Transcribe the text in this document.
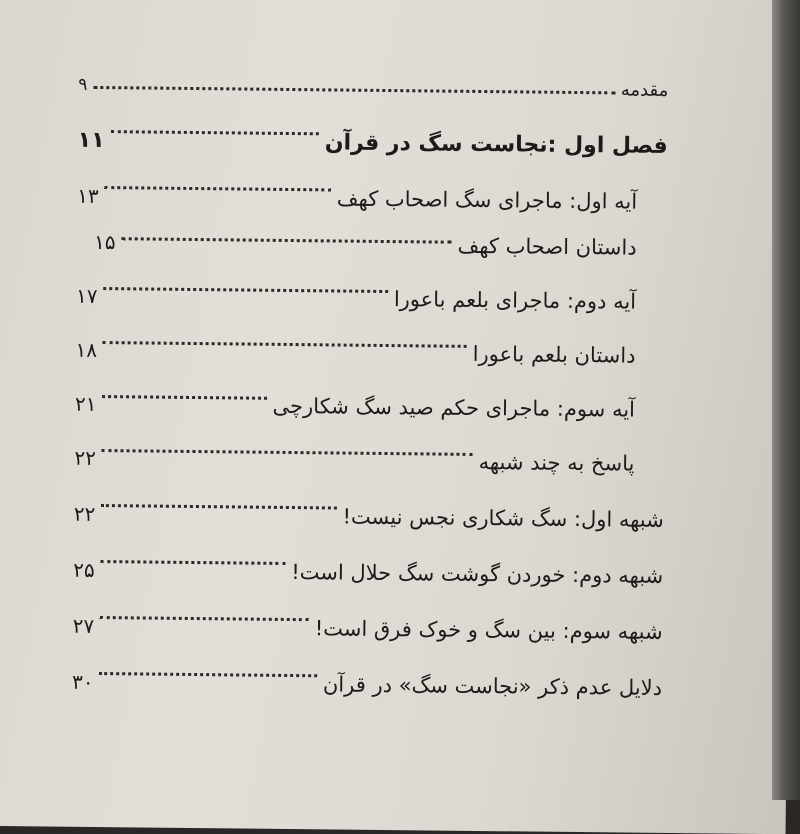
مقدمه
۹
فصل اول :نجاست سگ در قرآن
۱۱
آیه اول: ماجرای سگ اصحاب کهف
۱۳
داستان اصحاب کهف
۱۵
آیه دوم: ماجرای بلعم باعورا
۱۷
داستان بلعم باعورا
۱۸
آیه سوم: ماجرای حکم صید سگ شکارچی
۲۱
پاسخ به چند شبهه
۲۲
شبهه اول: سگ شکاری نجس نیست!
۲۲
شبهه دوم: خوردن گوشت سگ حلال است!
۲۵
شبهه سوم: بین سگ و خوک فرق است!
۲۷
دلایل عدم ذکر «نجاست سگ» در قرآن
۳۰
